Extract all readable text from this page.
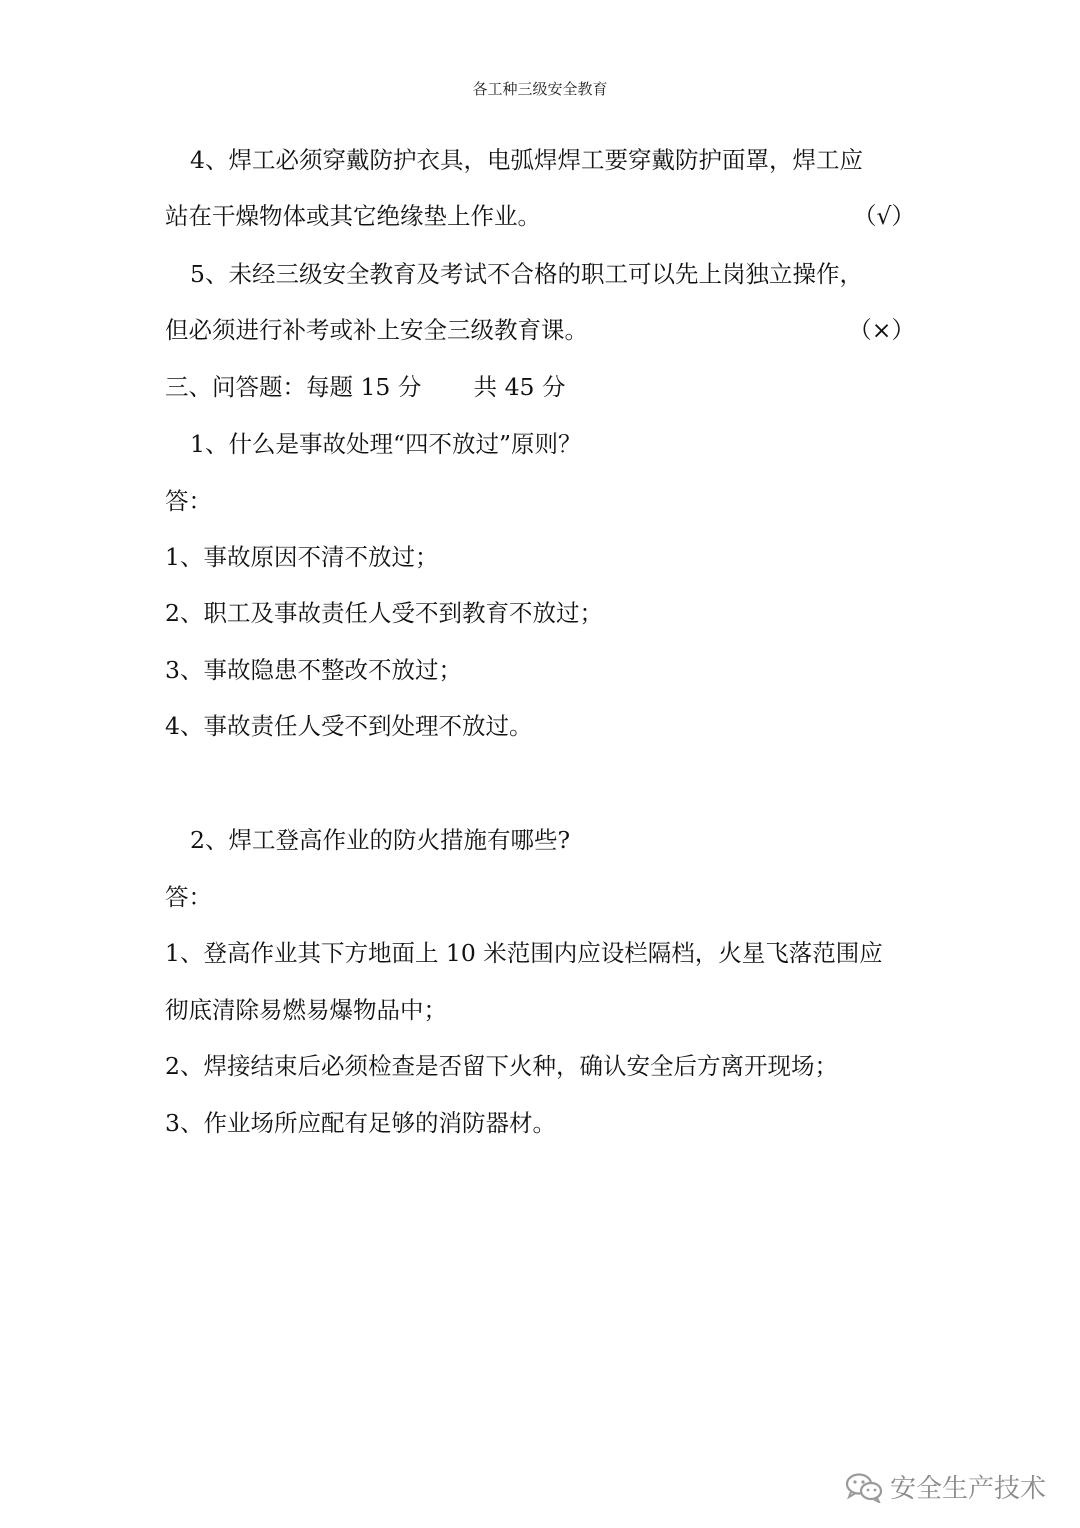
各工种三级安全教育
4、焊工必须穿戴防护衣具，电弧焊焊工要穿戴防护面罩，焊工应
站在干燥物体或其它绝缘垫上作业。	（√）
5、未经三级安全教育及考试不合格的职工可以先上岗独立操作，
但必须进行补考或补上安全三级教育课。	（×）
三、问答题：每题 15 分       共 45 分
1、什么是事故处理“四不放过”原则？
答：
1、事故原因不清不放过；
2、职工及事故责任人受不到教育不放过；
3、事故隐患不整改不放过；
4、事故责任人受不到处理不放过。
2、焊工登高作业的防火措施有哪些?
答：
1、登高作业其下方地面上 10 米范围内应设栏隔档，火星飞落范围应
彻底清除易燃易爆物品中；
2、焊接结束后必须检查是否留下火种，确认安全后方离开现场；
3、作业场所应配有足够的消防器材。
安全生产技术
